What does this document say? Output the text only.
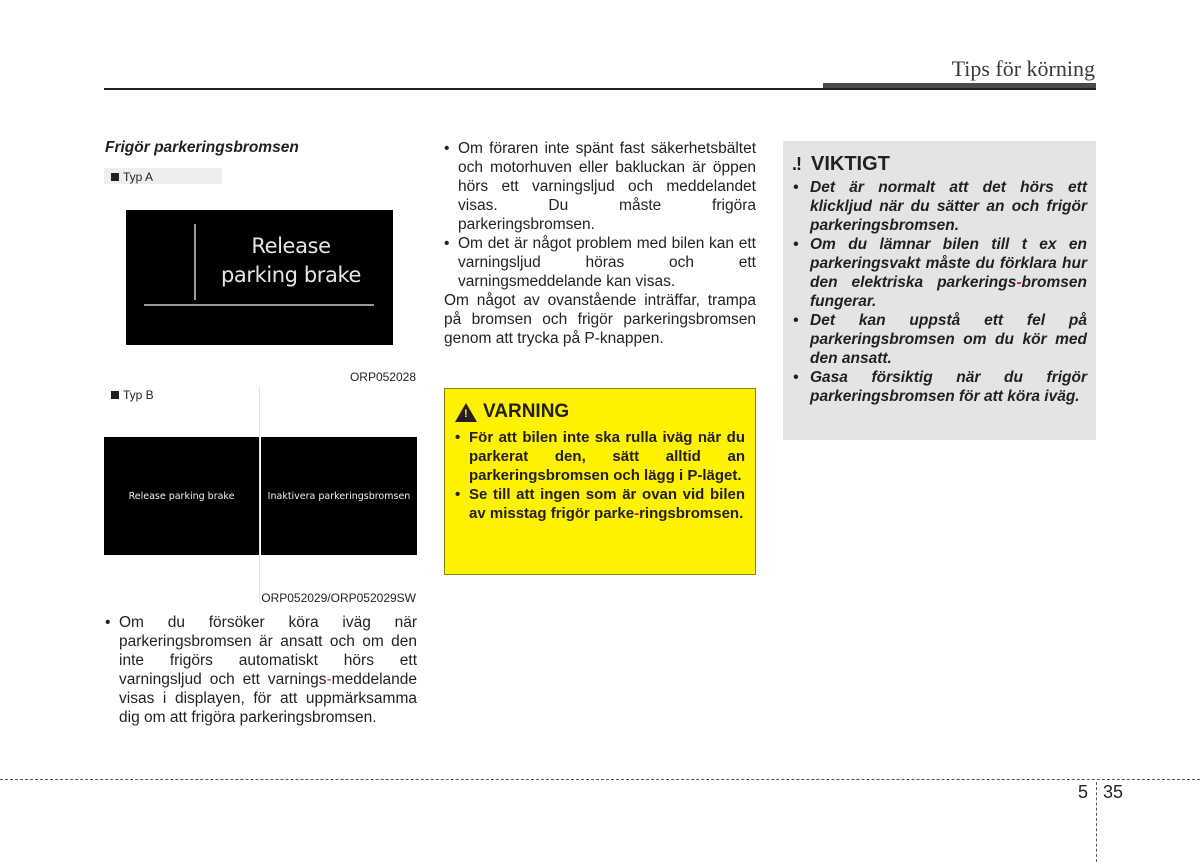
Tips för körning
Frigör parkeringsbromsen
Typ A
Release
parking brake
ORP052028
Typ B
Release parking brake	Inaktivera parkeringsbromsen
ORP052029/ORP052029SW
• Om du försöker köra iväg när parkeringsbromsen är ansatt och om den inte frigörs automatiskt hörs ett varningsljud och ett varnings-meddelande visas i displayen, för att uppmärksamma dig om att frigöra parkeringsbromsen.
• Om föraren inte spänt fast säkerhetsbältet och motorhuven eller bakluckan är öppen hörs ett varningsljud och meddelandet visas. Du måste frigöra parkeringsbromsen.
• Om det är något problem med bilen kan ett varningsljud höras och ett varningsmeddelande kan visas.
Om något av ovanstående inträffar, trampa på bromsen och frigör parkeringsbromsen genom att trycka på P-knappen.
! VARNING
• För att bilen inte ska rulla iväg när du parkerat den, sätt alltid an parkeringsbromsen och lägg i P-läget.
• Se till att ingen som är ovan vid bilen av misstag frigör parke-ringsbromsen.
.! VIKTIGT
• Det är normalt att det hörs ett klickljud när du sätter an och frigör parkeringsbromsen.
• Om du lämnar bilen till t ex en parkeringsvakt måste du förklara hur den elektriska parkerings-bromsen fungerar.
• Det kan uppstå ett fel på parkeringsbromsen om du kör med den ansatt.
• Gasa försiktig när du frigör parkeringsbromsen för att köra iväg.
5 35
